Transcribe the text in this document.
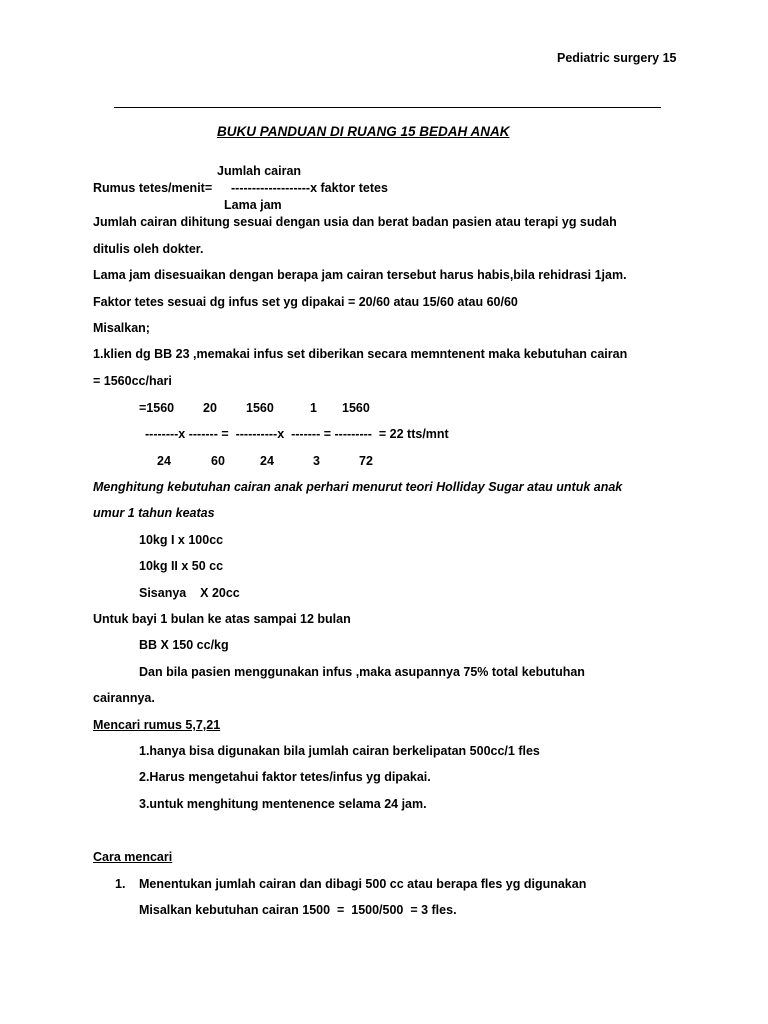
Pediatric surgery 15
BUKU PANDUAN DI RUANG 15 BEDAH ANAK
Jumlah cairan
Rumus tetes/menit= -------------------x faktor tetes
Lama jam
Jumlah cairan dihitung sesuai dengan usia dan berat badan pasien atau terapi yg sudah
ditulis oleh dokter.
Lama jam disesuaikan dengan berapa jam cairan tersebut harus habis,bila rehidrasi 1jam.
Faktor tetes sesuai dg infus set yg dipakai = 20/60 atau 15/60 atau 60/60
Misalkan;
1.klien dg BB 23 ,memakai infus set diberikan secara memntenent maka kebutuhan cairan
= 1560cc/hari
=1560 20 1560	1 1560
--------x ------- =  ----------x  ------- = ---------  = 22 tts/mnt
24	60	24	3	72
Menghitung kebutuhan cairan anak perhari menurut teori Holliday Sugar atau untuk anak
umur 1 tahun keatas
10kg I x 100cc
10kg II x 50 cc
Sisanya    X 20cc
Untuk bayi 1 bulan ke atas sampai 12 bulan
BB X 150 cc/kg
Dan bila pasien menggunakan infus ,maka asupannya 75% total kebutuhan
cairannya.
Mencari rumus 5,7,21
1.hanya bisa digunakan bila jumlah cairan berkelipatan 500cc/1 fles
2.Harus mengetahui faktor tetes/infus yg dipakai.
3.untuk menghitung mentenence selama 24 jam.
Cara mencari
1. Menentukan jumlah cairan dan dibagi 500 cc atau berapa fles yg digunakan
Misalkan kebutuhan cairan 1500  =  1500/500  = 3 fles.
